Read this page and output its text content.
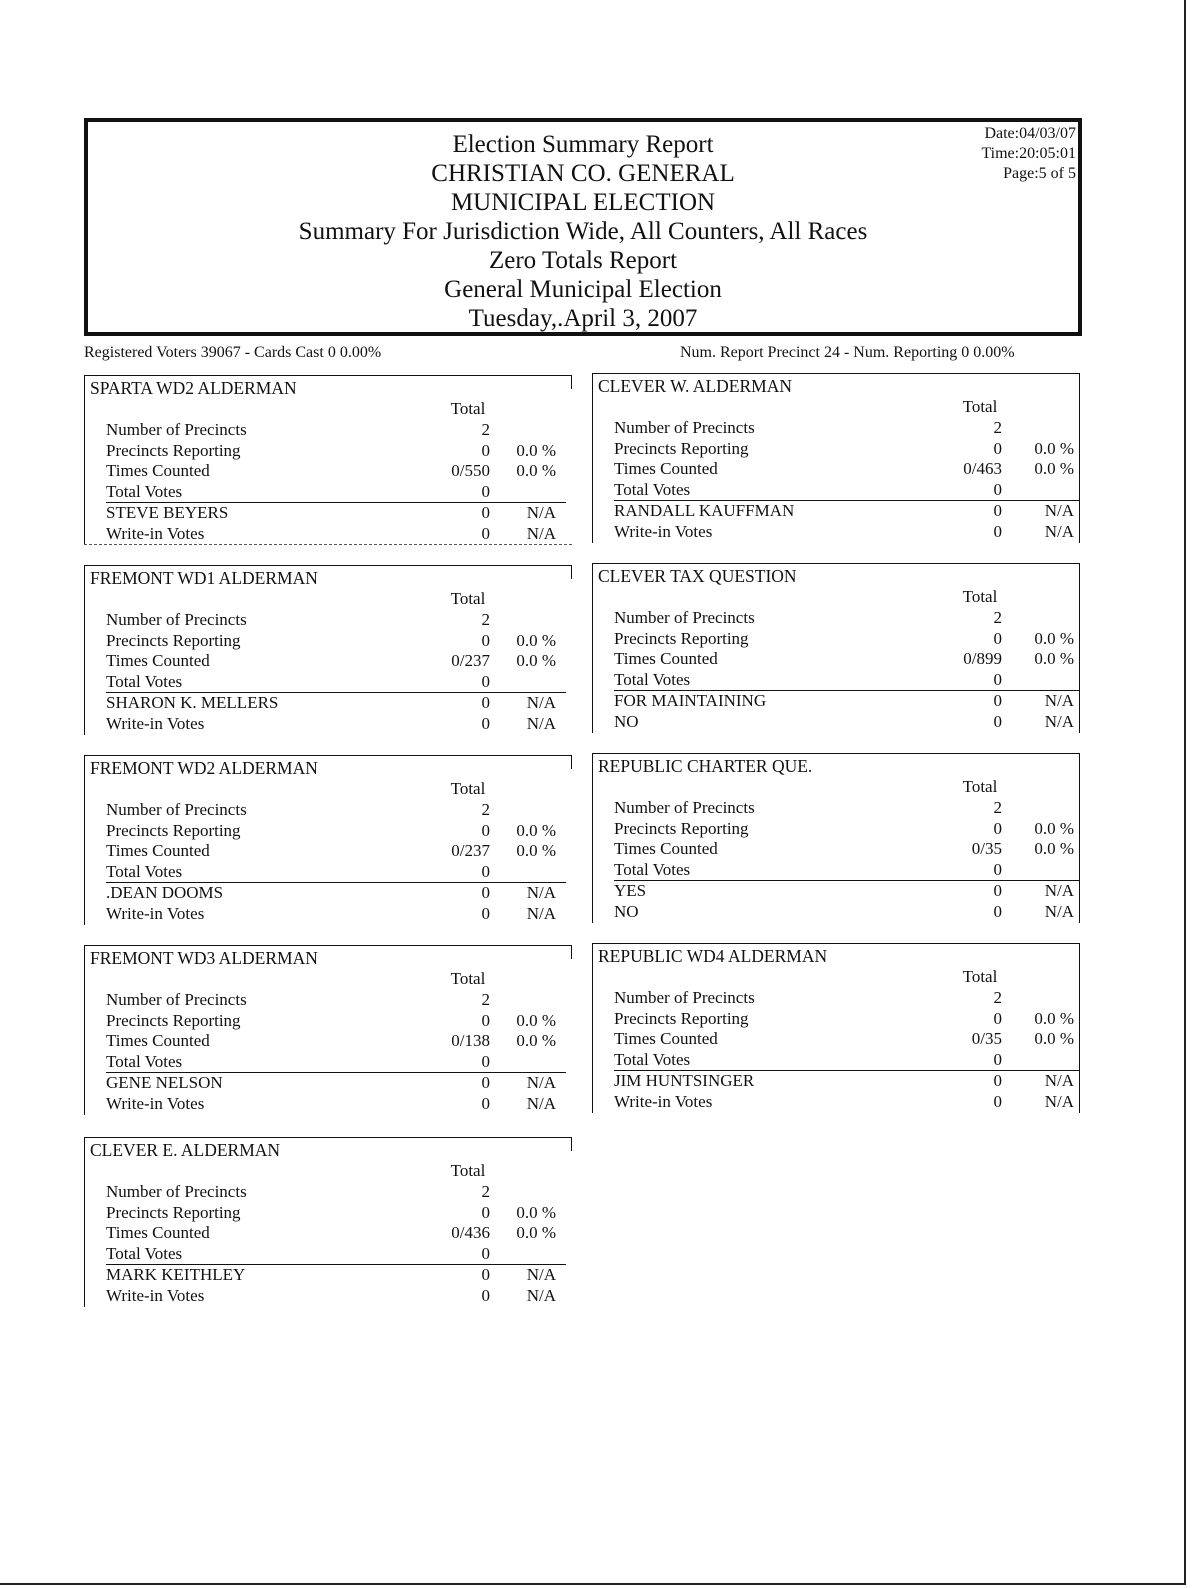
Election Summary Report
CHRISTIAN CO. GENERAL
MUNICIPAL ELECTION
Summary For Jurisdiction Wide, All Counters, All Races
Zero Totals Report
General Municipal Election
Tuesday,.April 3, 2007
Date:04/03/07
Time:20:05:01
Page:5 of 5
Registered Voters 39067 - Cards Cast 0 0.00%	Num. Report Precinct 24 - Num. Reporting 0 0.00%
SPARTA WD2 ALDERMAN
Total
Number of Precincts	2
Precincts Reporting	0	0.0 %
Times Counted	0/550	0.0 %
Total Votes	0
STEVE BEYERS	0	N/A
Write-in Votes	0	N/A
CLEVER W. ALDERMAN
Total
Number of Precincts	2
Precincts Reporting	0	0.0 %
Times Counted	0/463	0.0 %
Total Votes	0
RANDALL KAUFFMAN	0	N/A
Write-in Votes	0	N/A
FREMONT WD1 ALDERMAN
Total
Number of Precincts	2
Precincts Reporting	0	0.0 %
Times Counted	0/237	0.0 %
Total Votes	0
SHARON K. MELLERS	0	N/A
Write-in Votes	0	N/A
CLEVER TAX QUESTION
Total
Number of Precincts	2
Precincts Reporting	0	0.0 %
Times Counted	0/899	0.0 %
Total Votes	0
FOR MAINTAINING	0	N/A
NO	0	N/A
FREMONT WD2 ALDERMAN
Total
Number of Precincts	2
Precincts Reporting	0	0.0 %
Times Counted	0/237	0.0 %
Total Votes	0
.DEAN DOOMS	0	N/A
Write-in Votes	0	N/A
REPUBLIC CHARTER QUE.
Total
Number of Precincts	2
Precincts Reporting	0	0.0 %
Times Counted	0/35	0.0 %
Total Votes	0
YES	0	N/A
NO	0	N/A
FREMONT WD3 ALDERMAN
Total
Number of Precincts	2
Precincts Reporting	0	0.0 %
Times Counted	0/138	0.0 %
Total Votes	0
GENE NELSON	0	N/A
Write-in Votes	0	N/A
REPUBLIC WD4 ALDERMAN
Total
Number of Precincts	2
Precincts Reporting	0	0.0 %
Times Counted	0/35	0.0 %
Total Votes	0
JIM HUNTSINGER	0	N/A
Write-in Votes	0	N/A
CLEVER E. ALDERMAN
Total
Number of Precincts	2
Precincts Reporting	0	0.0 %
Times Counted	0/436	0.0 %
Total Votes	0
MARK KEITHLEY	0	N/A
Write-in Votes	0	N/A
